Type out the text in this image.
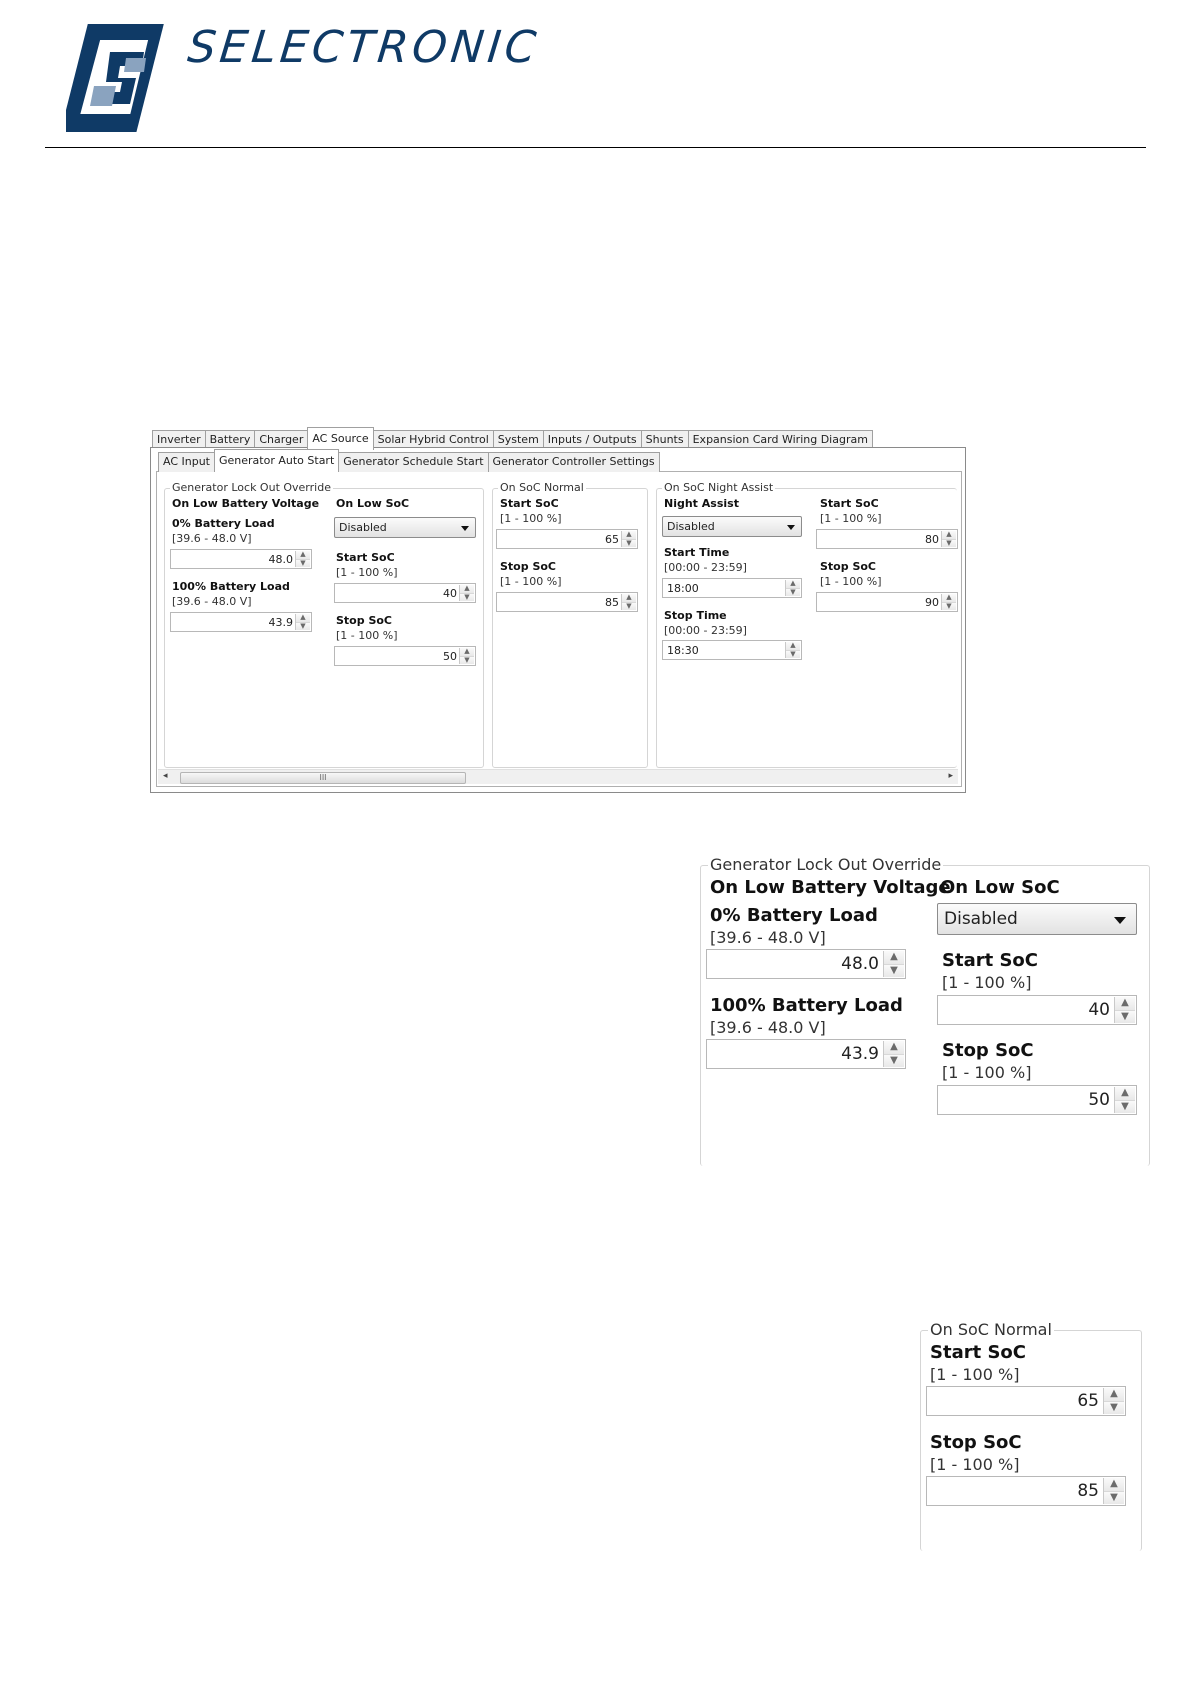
SELECTRONIC
Inverter Battery Charger AC Source Solar Hybrid Control System Inputs / Outputs Shunts Expansion Card Wiring Diagram
AC Input Generator Auto Start Generator Schedule Start Generator Controller Settings
Generator Lock Out Override
On Low Battery Voltage
0% Battery Load
[39.6 - 48.0 V]
48.0	▲
▼
100% Battery Load
[39.6 - 48.0 V]
43.9	▲
▼
On Low SoC
Disabled
Start SoC
[1 - 100 %]
40	▲
▼
Stop SoC
[1 - 100 %]
50	▲
▼
On SoC Normal
Start SoC
[1 - 100 %]
65	▲
▼
Stop SoC
[1 - 100 %]
85	▲
▼
On SoC Night Assist
Night Assist
Disabled
Start Time
[00:00 - 23:59]
18:00	▲
▼
Stop Time
[00:00 - 23:59]
18:30	▲
▼
Start SoC
[1 - 100 %]
80	▲
▼
Stop SoC
[1 - 100 %]
90	▲
▼
◂	III	▸
Generator Lock Out Override
On Low Battery Voltage
0% Battery Load
[39.6 - 48.0 V]
48.0	▲
▼
100% Battery Load
[39.6 - 48.0 V]
43.9	▲
▼
On Low SoC
Disabled
Start SoC
[1 - 100 %]
40	▲
▼
Stop SoC
[1 - 100 %]
50	▲
▼
On SoC Normal
Start SoC
[1 - 100 %]
65	▲
▼
Stop SoC
[1 - 100 %]
85	▲
▼
